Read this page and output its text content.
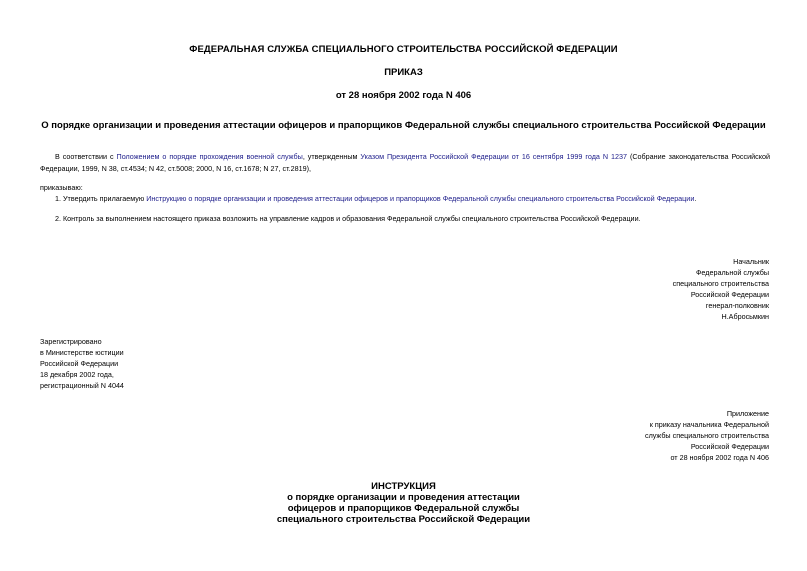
ФЕДЕРАЛЬНАЯ СЛУЖБА СПЕЦИАЛЬНОГО СТРОИТЕЛЬСТВА РОССИЙСКОЙ ФЕДЕРАЦИИ
ПРИКАЗ
от 28 ноября 2002 года N 406
О порядке организации и проведения аттестации офицеров и прапорщиков Федеральной службы специального строительства Российской Федерации
В соответствии с Положением о порядке прохождения военной службы, утвержденным Указом Президента Российской Федерации от 16 сентября 1999 года N 1237 (Собрание законодательства Российской Федерации, 1999, N 38, ст.4534; N 42, ст.5008; 2000, N 16, ст.1678; N 27, ст.2819),
приказываю:
1. Утвердить прилагаемую Инструкцию о порядке организации и проведения аттестации офицеров и прапорщиков Федеральной службы специального строительства Российской Федерации.
2. Контроль за выполнением настоящего приказа возложить на управление кадров и образования Федеральной службы специального строительства Российской Федерации.
Начальник
Федеральной службы
специального строительства
Российской Федерации
генерал-полковник
Н.Абросьмкин
Зарегистрировано
в Министерстве юстиции
Российской Федерации
18 декабря 2002 года,
регистрационный N 4044
Приложение
к приказу начальника Федеральной
службы специального строительства
Российской Федерации
от 28 ноября 2002 года N 406
ИНСТРУКЦИЯ
о порядке организации и проведения аттестации
офицеров и прапорщиков Федеральной службы
специального строительства Российской Федерации
